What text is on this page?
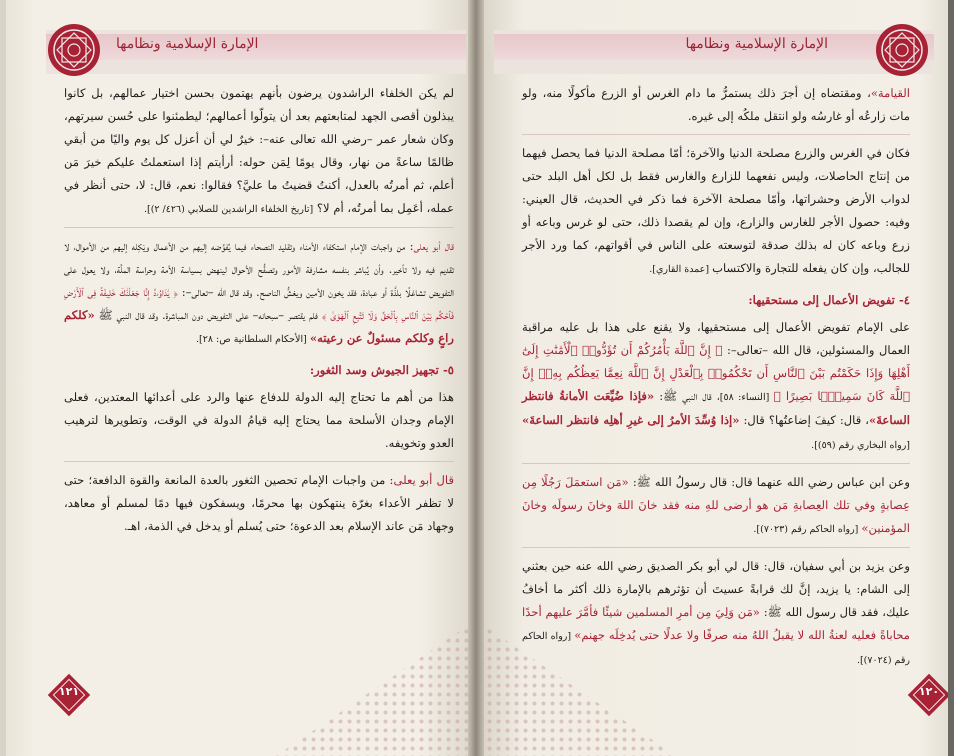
الإمارة الإسلامية ونظامها

لم يكن الخلفاء الراشدون يرضون بأنهم يهتمون بحسن اختيار عمالهم، بل كانوا يبذلون أقصى الجهد لمتابعتهم بعد أن يتولّوا أعمالهم؛ ليطمئنوا على حُسن سيرتهم، وكان شعار عمر –رضي الله تعالى عنه–: خيرٌ لي أن أعزل كل يوم واليًا من أبقي ظالمًا ساعةً من نهار، وقال يومًا لِمَن حوله: أرأيتم إذا استعملتُ عليكم خيرَ مَن أعلم، ثم أمرتُه بالعدل، أكنتُ قضيتُ ما عليَّ؟ فقالوا: نعم، قال: لا، حتى أنظر في عمله، أعَمِل بما أمرتُه، أم لا؟ [تاريخ الخلفاء الراشدين للصلابي (٤٢٦/ ٢)].

قال أبو يعلى: من واجبات الإمام استكفاء الأمناء وتقليد النصحاء فيما يُفوِّضه إليهم من الأعمال ويَكِله إليهم من الأموال، لا تقديم فيه ولا تأخير. وأن يُباشر بنفسه مشارفة الأمور وتصفُّح الأحوال لينهض بسياسة الأمة وحراسة الملَّة، ولا يعول على التفويض تشاغلًا بلذَّة أو عبادة، فقد يخون الأمين ويغشُّ الناصح. وقد قال الله –تعالى–: ﴿ يَٰدَاوُۥدُ إِنَّا جَعَلْنَٰكَ خَلِيفَةً فِى ٱلْأَرْضِ فَٱحْكُم بَيْنَ ٱلنَّاسِ بِٱلْحَقِّ وَلَا تَتَّبِعِ ٱلْهَوَىٰ ﴾ فلم يقتصر –سبحانه– على التفويض دون المباشرة. وقد قال النبي ﷺ «كلكم راعٍ وكلكم مسئولٌ عن رعيته» [الأحكام السلطانية ص: ٢٨].

٥- تجهيز الجيوش وسد الثغور:

هذا من أهم ما تحتاج إليه الدولة للدفاع عنها والرد على أعدائها المعتدين، فعلى الإمام وجدان الأسلحة مما يحتاج إليه قيامُ الدولة في الوقت، وتطويرها لترهيب العدو وتخويفه.

قال أبو يعلى: من واجبات الإمام تحصين الثغور بالعدة المانعة والقوة الدافعة؛ حتى لا تظفر الأعداء بغرّة ينتهكون بها محرمًا، ويسفكون فيها دمًا لمسلم أو معاهد، وجهاد مَن عاند الإسلام بعد الدعوة؛ حتى يُسلم أو يدخل في الذمة، اهـ.

١٢١
الإمارة الإسلامية ونظامها

القيامة»، ومقتضاه إن أجرَ ذلك يستمرُّ ما دام الغرس أو الزرع مأكولًا منه، ولو مات زارعُه أو غارسُه ولو انتقل ملكُه إلى غيره.

فكان في الغرس والزرع مصلحة الدنيا والآخرة؛ أمّا مصلحة الدنيا فما يحصل فيهما من إنتاج الحاصلات، وليس نفعهما للزارع والغارس فقط بل لكل أهل البلد حتى لدواب الأرض وحشراتها، وأمّا مصلحة الآخرة فما ذكر في الحديث، قال العيني: وفيه: حصول الأجر للغارس والزارع، وإن لم يقصدا ذلك، حتى لو غرس وباعه أو زرع وباعه كان له بذلك صدقة لتوسعته على الناس في أقواتهم، كما ورد الأجر للجالب، وإن كان يفعله للتجارة والاكتساب [عمدة القاري].

٤- تفويض الأعمال إلى مستحقيها:

على الإمام تفويض الأعمال إلى مستحقيها، ولا يقنع على هذا بل عليه مراقبة العمال والمسئولين، قال الله –تعالى–: ﴿ إِنَّ ٱللَّهَ يَأْمُرُكُمْ أَن تُؤَدُّوا۟ ٱلْأَمَٰنَٰتِ إِلَىٰٓ أَهْلِهَا وَإِذَا حَكَمْتُم بَيْنَ ٱلنَّاسِ أَن تَحْكُمُوا۟ بِٱلْعَدْلِ إِنَّ ٱللَّهَ نِعِمَّا يَعِظُكُم بِهِۦٓ إِنَّ ٱللَّهَ كَانَ سَمِيعًۢا بَصِيرًا ﴾ [النساء: ٥٨]، قال النبي ﷺ: «فإذا ضُيِّعَت الأمانةُ فانتظر الساعةَ»، قال: كيفَ إضاعتُها؟ قال: «إذا وُسِّدَ الأمرُ إلى غيرِ أهلِه فانتظر الساعةَ» [رواه البخاري رقم (٥٩)].

وعن ابن عباس رضي الله عنهما قال: قال رسولُ الله ﷺ: «مَن استعمَلَ رَجُلًا مِن عِصابةٍ وفي تلك العِصابةِ مَن هو أرضى للهِ منه فقد خانَ اللهَ وخانَ رسولَه وخانَ المؤمنين» [رواه الحاكم رقم (٧٠٢٣)].

وعن يزيد بن أبي سفيان، قال: قال لي أبو بكر الصديق رضي الله عنه حين بعثني إلى الشام: يا يزيد، إنَّ لك قرابةً عسيتَ أن تؤثرهم بالإمارة ذلك أكثر ما أخافُ عليك، فقد قال رسول الله ﷺ: «مَن وَلِيَ مِن أمرِ المسلمين شيئًا فأمَّرَ عليهم أحدًا محاباةً فعليه لعنةُ الله لا يقبلُ اللهُ منه صرفًا ولا عدلًا حتى يُدخِلَه جهنم» [رواه الحاكم رقم (٧٠٢٤)].

١٢٠
